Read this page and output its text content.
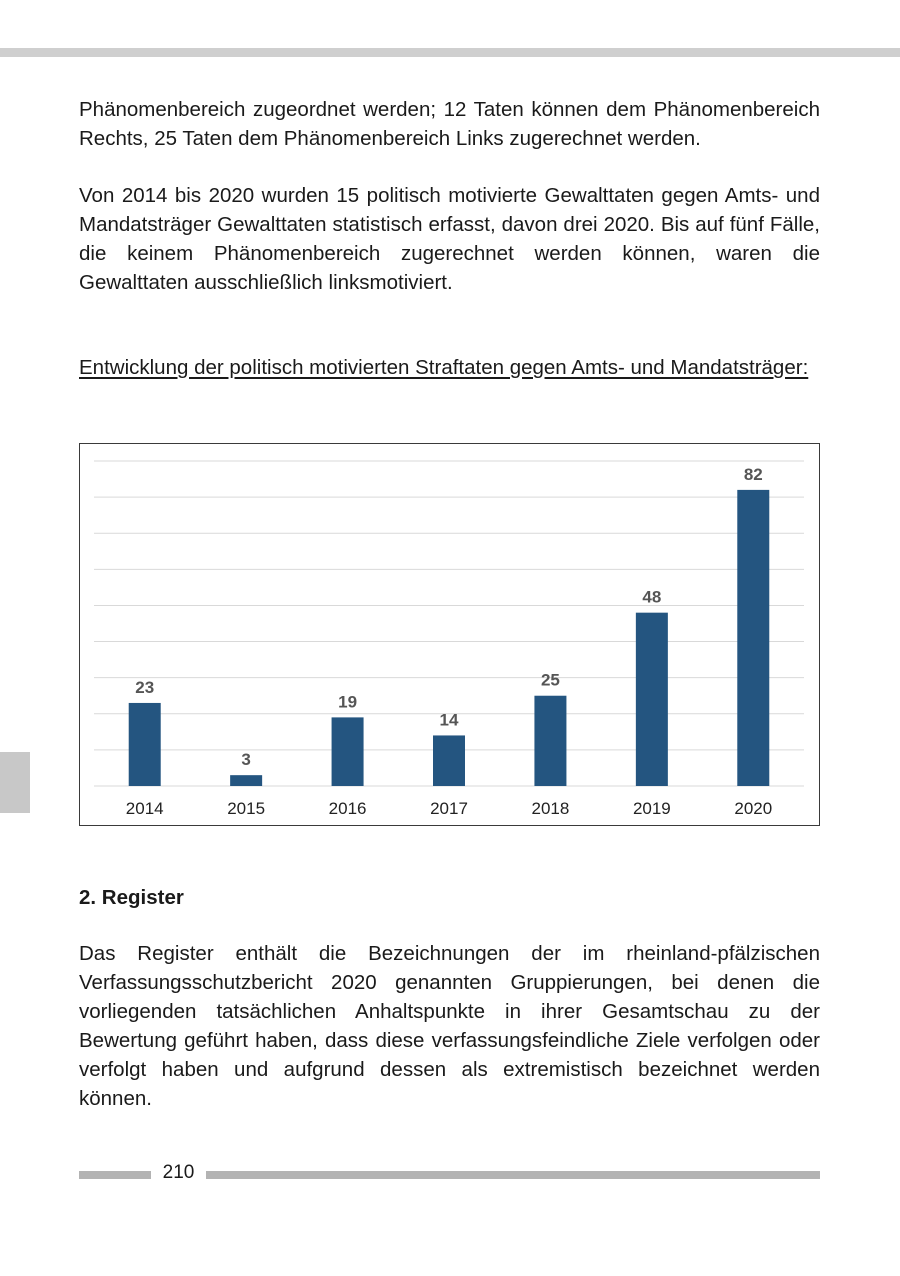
Phänomenbereich zugeordnet werden; 12 Taten können dem Phänomenbereich Rechts, 25 Taten dem Phänomenbereich Links zugerechnet werden.

Von 2014 bis 2020 wurden 15 politisch motivierte Gewalttaten gegen Amts- und Mandatsträger Gewalttaten statistisch erfasst, davon drei 2020. Bis auf fünf Fälle, die keinem Phänomenbereich zugerechnet werden können, waren die Gewalttaten ausschließlich linksmotiviert.

Entwicklung der politisch motivierten Straftaten gegen Amts- und Mandatsträger:

23
2014
3
2015
19
2016
14
2017
25
2018
48
2019
82
2020

2. Register

Das Register enthält die Bezeichnungen der im rheinland-pfälzischen Verfassungsschutzbericht 2020 genannten Gruppierungen, bei denen die vorliegenden tatsächlichen Anhaltspunkte in ihrer Gesamtschau zu der Bewertung geführt haben, dass diese verfassungsfeindliche Ziele verfolgen oder verfolgt haben und aufgrund dessen als extremistisch bezeichnet werden können.

210
